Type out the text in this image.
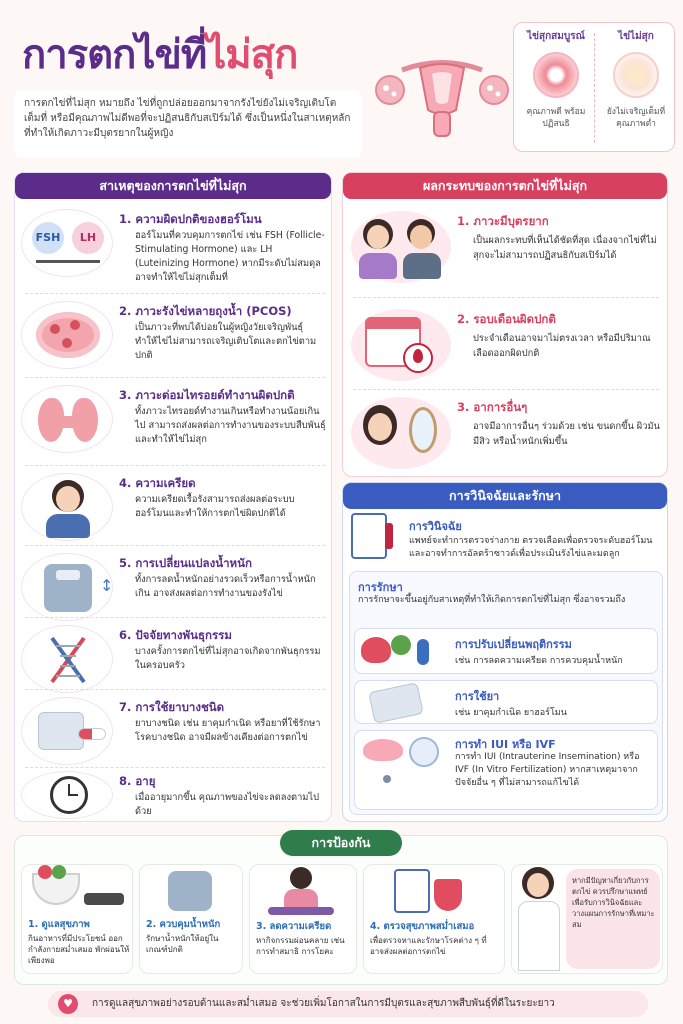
การตกไข่ที่ไม่สุก
การตกไข่ที่ไม่สุก หมายถึง ไข่ที่ถูกปล่อยออกมาจากรังไข่ยังไม่เจริญเติบโตเต็มที่ หรือมีคุณภาพไม่ดีพอที่จะปฏิสนธิกับสเปิร์มได้ ซึ่งเป็นหนึ่งในสาเหตุหลักที่ทำให้เกิดภาวะมีบุตรยากในผู้หญิง
ไข่สุกสมบูรณ์

คุณภาพดี พร้อมปฏิสนธิ

ไข่ไม่สุก

ยังไม่เจริญเต็มที่ คุณภาพต่ำ

สาเหตุของการตกไข่ที่ไม่สุก
FSH	LH
1. ความผิดปกติของฮอร์โมน

ฮอร์โมนที่ควบคุมการตกไข่ เช่น FSH (Follicle-Stimulating Hormone) และ LH (Luteinizing Hormone) หากมีระดับไม่สมดุล อาจทำให้ไข่ไม่สุกเต็มที่

2. ภาวะรังไข่หลายถุงน้ำ (PCOS)

เป็นภาวะที่พบได้บ่อยในผู้หญิงวัยเจริญพันธุ์ ทำให้ไข่ไม่สามารถเจริญเติบโตและตกไข่ตามปกติ

3. ภาวะต่อมไทรอยด์ทำงานผิดปกติ

ทั้งภาวะไทรอยด์ทำงานเกินหรือทำงานน้อยเกินไป สามารถส่งผลต่อการทำงานของระบบสืบพันธุ์และทำให้ไข่ไม่สุก

4. ความเครียด

ความเครียดเรื้อรังสามารถส่งผลต่อระบบฮอร์โมนและทำให้การตกไข่ผิดปกติได้

↕
5. การเปลี่ยนแปลงน้ำหนัก

ทั้งการลดน้ำหนักอย่างรวดเร็วหรือการน้ำหนักเกิน อาจส่งผลต่อการทำงานของรังไข่

6. ปัจจัยทางพันธุกรรม

บางครั้งการตกไข่ที่ไม่สุกอาจเกิดจากพันธุกรรมในครอบครัว

7. การใช้ยาบางชนิด

ยาบางชนิด เช่น ยาคุมกำเนิด หรือยาที่ใช้รักษาโรคบางชนิด อาจมีผลข้างเคียงต่อการตกไข่

8. อายุ

เมื่ออายุมากขึ้น คุณภาพของไข่จะลดลงตามไปด้วย

ผลกระทบของการตกไข่ที่ไม่สุก
1. ภาวะมีบุตรยาก

เป็นผลกระทบที่เห็นได้ชัดที่สุด เนื่องจากไข่ที่ไม่สุกจะไม่สามารถปฏิสนธิกับสเปิร์มได้

2. รอบเดือนผิดปกติ

ประจำเดือนอาจมาไม่ตรงเวลา หรือมีปริมาณเลือดออกผิดปกติ

3. อาการอื่นๆ

อาจมีอาการอื่นๆ ร่วมด้วย เช่น ขนดกขึ้น ผิวมัน มีสิว หรือน้ำหนักเพิ่มขึ้น

การวินิจฉัยและรักษา
การวินิจฉัย

แพทย์จะทำการตรวจร่างกาย ตรวจเลือดเพื่อตรวจระดับฮอร์โมน และอาจทำการอัลตร้าซาวด์เพื่อประเมินรังไข่และมดลูก

การรักษา

การรักษาจะขึ้นอยู่กับสาเหตุที่ทำให้เกิดการตกไข่ที่ไม่สุก ซึ่งอาจรวมถึง

การปรับเปลี่ยนพฤติกรรม

เช่น การลดความเครียด การควบคุมน้ำหนัก

การใช้ยา

เช่น ยาคุมกำเนิด ยาฮอร์โมน

การทำ IUI หรือ IVF

การทำ IUI (Intrauterine Insemination) หรือ IVF (In Vitro Fertilization) หากสาเหตุมาจากปัจจัยอื่น ๆ ที่ไม่สามารถแก้ไขได้

การป้องกัน
1. ดูแลสุขภาพ

กินอาหารที่มีประโยชน์ ออกกำลังกายสม่ำเสมอ พักผ่อนให้เพียงพอ

2. ควบคุมน้ำหนัก

รักษาน้ำหนักให้อยู่ในเกณฑ์ปกติ

3. ลดความเครียด

หากิจกรรมผ่อนคลาย เช่น การทำสมาธิ การโยคะ

4. ตรวจสุขภาพสม่ำเสมอ

เพื่อตรวจหาและรักษาโรคต่าง ๆ ที่อาจส่งผลต่อการตกไข่

หากมีปัญหาเกี่ยวกับการตกไข่ ควรปรึกษาแพทย์เพื่อรับการวินิจฉัยและวางแผนการรักษาที่เหมาะสม

♥	การดูแลสุขภาพอย่างรอบด้านและสม่ำเสมอ จะช่วยเพิ่มโอกาสในการมีบุตรและสุขภาพสืบพันธุ์ที่ดีในระยะยาว
